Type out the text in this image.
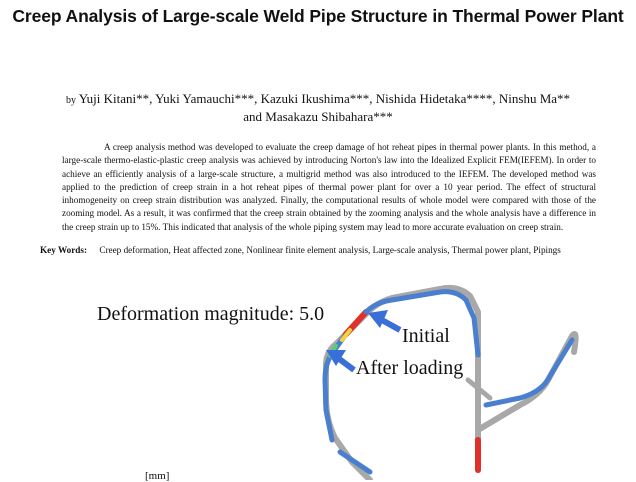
Creep Analysis of Large-scale Weld Pipe Structure in Thermal Power Plant
by Yuji Kitani**, Yuki Yamauchi***, Kazuki Ikushima***, Nishida Hidetaka****, Ninshu Ma**
and Masakazu Shibahara***
A creep analysis method was developed to evaluate the creep damage of hot reheat pipes in thermal power plants. In this method, a large-scale thermo-elastic-plastic creep analysis was achieved by introducing Norton's law into the Idealized Explicit FEM(IEFEM). In order to achieve an efficiently analysis of a large-scale structure, a multigrid method was also introduced to the IEFEM. The developed method was applied to the prediction of creep strain in a hot reheat pipes of thermal power plant for over a 10 year period. The effect of structural inhomogeneity on creep strain distribution was analyzed. Finally, the computational results of whole model were compared with those of the zooming model. As a result, it was confirmed that the creep strain obtained by the zooming analysis and the whole analysis have a difference in the creep strain up to 15%. This indicated that analysis of the whole piping system may lead to more accurate evaluation on creep strain.
Key Words: Creep deformation, Heat affected zone, Nonlinear finite element analysis, Large-scale analysis, Thermal power plant, Pipings
Deformation magnitude: 5.0
Initial
After loading
[mm]
